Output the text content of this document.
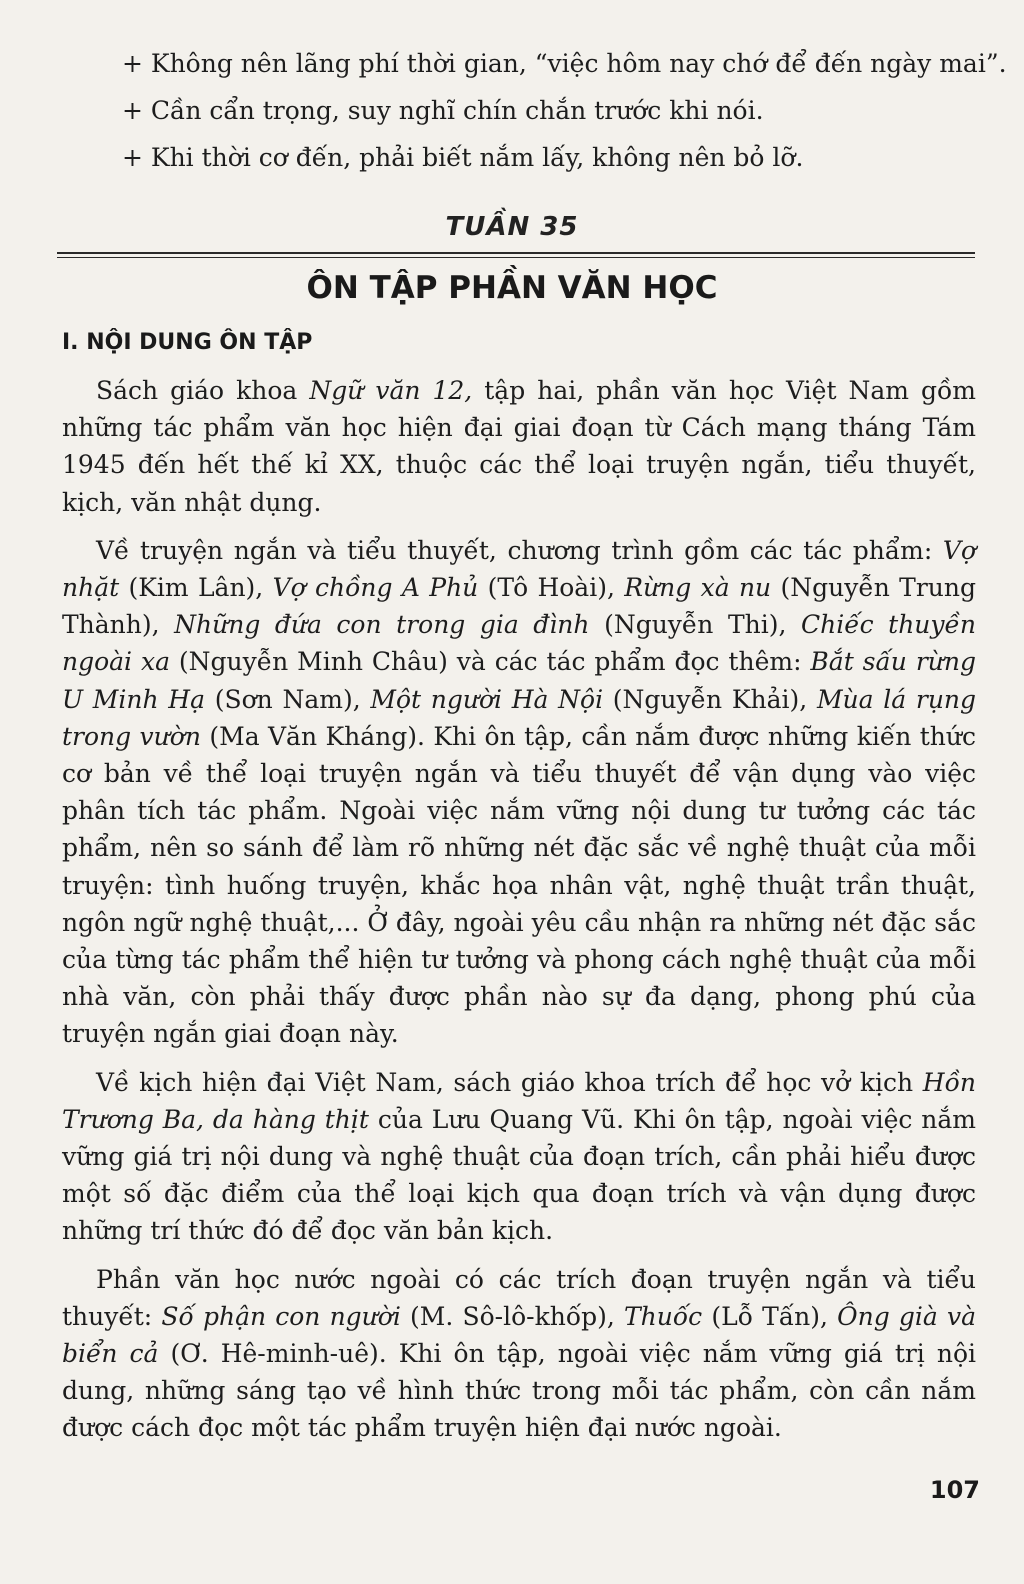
+ Không nên lãng phí thời gian, “việc hôm nay chớ để đến ngày mai”.
+ Cần cẩn trọng, suy nghĩ chín chắn trước khi nói.
+ Khi thời cơ đến, phải biết nắm lấy, không nên bỏ lỡ.
TUẦN 35
ÔN TẬP PHẦN VĂN HỌC
I. NỘI DUNG ÔN TẬP

Sách giáo khoa Ngữ văn 12, tập hai, phần văn học Việt Nam gồm những tác phẩm văn học hiện đại giai đoạn từ Cách mạng tháng Tám 1945 đến hết thế kỉ XX, thuộc các thể loại truyện ngắn, tiểu thuyết, kịch, văn nhật dụng.

Về truyện ngắn và tiểu thuyết, chương trình gồm các tác phẩm: Vợ nhặt (Kim Lân), Vợ chồng A Phủ (Tô Hoài), Rừng xà nu (Nguyễn Trung Thành), Những đứa con trong gia đình (Nguyễn Thi), Chiếc thuyền ngoài xa (Nguyễn Minh Châu) và các tác phẩm đọc thêm: Bắt sấu rừng U Minh Hạ (Sơn Nam), Một người Hà Nội (Nguyễn Khải), Mùa lá rụng trong vườn (Ma Văn Kháng). Khi ôn tập, cần nắm được những kiến thức cơ bản về thể loại truyện ngắn và tiểu thuyết để vận dụng vào việc phân tích tác phẩm. Ngoài việc nắm vững nội dung tư tưởng các tác phẩm, nên so sánh để làm rõ những nét đặc sắc về nghệ thuật của mỗi truyện: tình huống truyện, khắc họa nhân vật, nghệ thuật trần thuật, ngôn ngữ nghệ thuật,... Ở đây, ngoài yêu cầu nhận ra những nét đặc sắc của từng tác phẩm thể hiện tư tưởng và phong cách nghệ thuật của mỗi nhà văn, còn phải thấy được phần nào sự đa dạng, phong phú của truyện ngắn giai đoạn này.

Về kịch hiện đại Việt Nam, sách giáo khoa trích để học vở kịch Hồn Trương Ba, da hàng thịt của Lưu Quang Vũ. Khi ôn tập, ngoài việc nắm vững giá trị nội dung và nghệ thuật của đoạn trích, cần phải hiểu được một số đặc điểm của thể loại kịch qua đoạn trích và vận dụng được những trí thức đó để đọc văn bản kịch.

Phần văn học nước ngoài có các trích đoạn truyện ngắn và tiểu thuyết: Số phận con người (M. Sô-lô-khốp), Thuốc (Lỗ Tấn), Ông già và biển cả (Ơ. Hê-minh-uê). Khi ôn tập, ngoài việc nắm vững giá trị nội dung, những sáng tạo về hình thức trong mỗi tác phẩm, còn cần nắm được cách đọc một tác phẩm truyện hiện đại nước ngoài.

107
